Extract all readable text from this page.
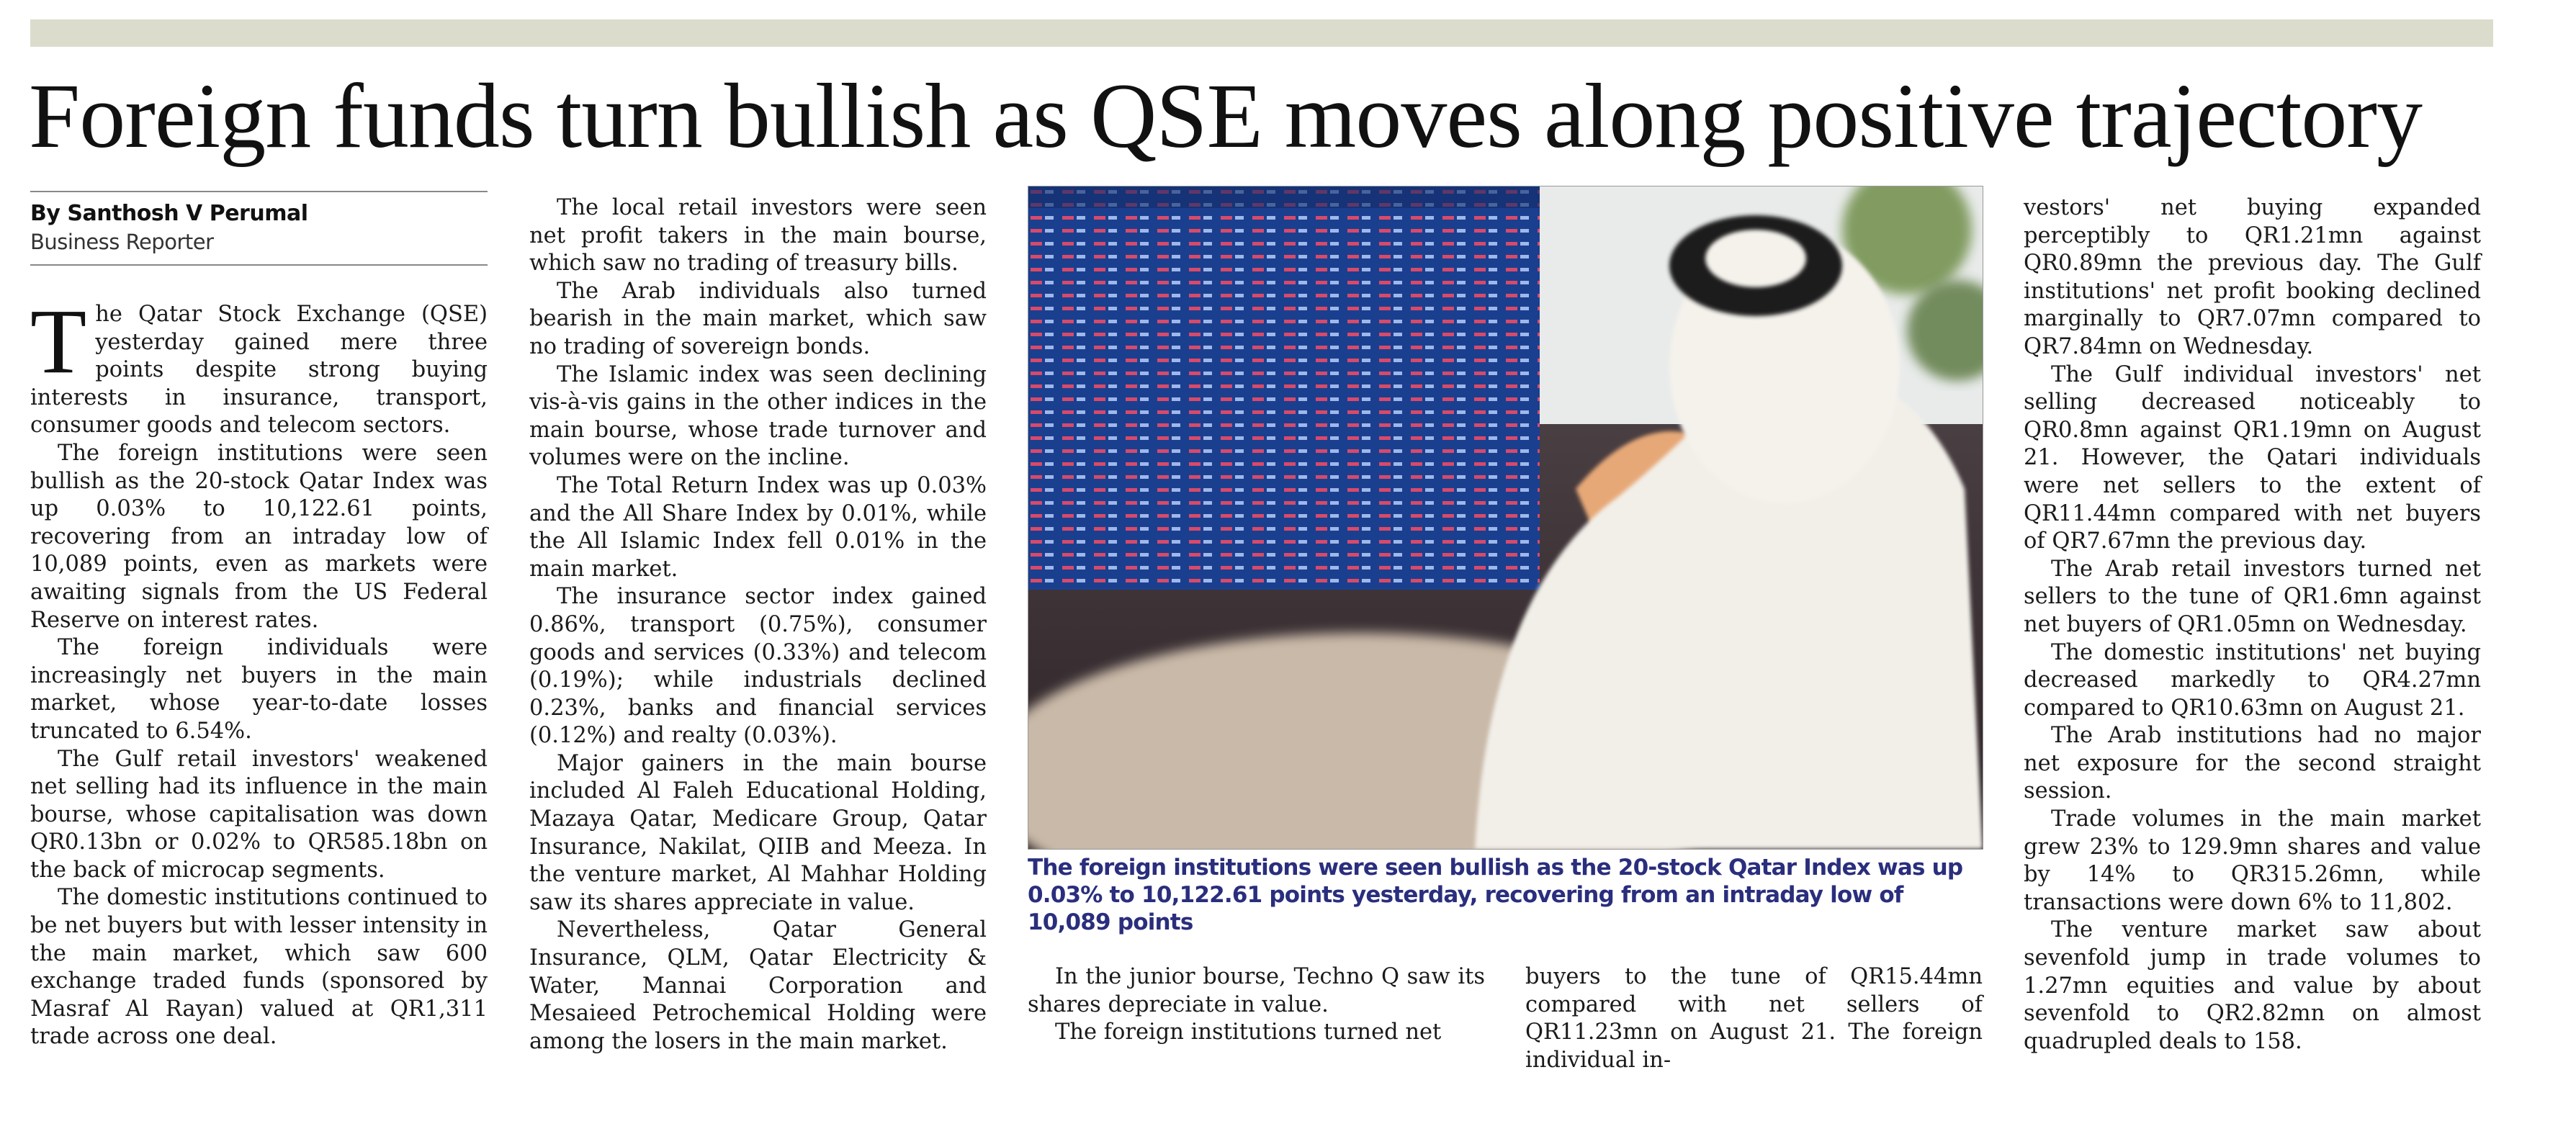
Foreign funds turn bullish as QSE moves along positive trajectory
By Santhosh V Perumal
Business Reporter

The Qatar Stock Exchange (QSE) yesterday gained mere three points despite strong buying interests in insurance, transport, consumer goods and telecom sectors.

The foreign institutions were seen bullish as the 20-stock Qatar Index was up 0.03% to 10,122.61 points, recovering from an intraday low of 10,089 points, even as markets were awaiting signals from the US Federal Reserve on interest rates.

The foreign individuals were increasingly net buyers in the main market, whose year-to-date losses truncated to 6.54%.

The Gulf retail investors' weakened net selling had its influence in the main bourse, whose capitalisation was down QR0.13bn or 0.02% to QR585.18bn on the back of microcap segments.

The domestic institutions continued to be net buyers but with lesser intensity in the main market, which saw 600 exchange traded funds (sponsored by Masraf Al Rayan) valued at QR1,311 trade across one deal.

The local retail investors were seen net profit takers in the main bourse, which saw no trading of treasury bills.

The Arab individuals also turned bearish in the main market, which saw no trading of sovereign bonds.

The Islamic index was seen declining vis-à-vis gains in the other indices in the main bourse, whose trade turnover and volumes were on the incline.

The Total Return Index was up 0.03% and the All Share Index by 0.01%, while the All Islamic Index fell 0.01% in the main market.

The insurance sector index gained 0.86%, transport (0.75%), consumer goods and services (0.33%) and telecom (0.19%); while industrials declined 0.23%, banks and financial services (0.12%) and realty (0.03%).

Major gainers in the main bourse included Al Faleh Educational Holding, Mazaya Qatar, Medicare Group, Qatar Insurance, Nakilat, QIIB and Meeza. In the venture market, Al Mahhar Holding saw its shares appreciate in value.

Nevertheless, Qatar General Insurance, QLM, Qatar Electricity & Water, Mannai Corporation and Mesaieed Petrochemical Holding were among the losers in the main market.

The foreign institutions were seen bullish as the 20-stock Qatar Index was up 0.03% to 10,122.61 points yesterday, recovering from an intraday low of 10,089 points

In the junior bourse, Techno Q saw its shares depreciate in value.

The foreign institutions turned net

buyers to the tune of QR15.44mn compared with net sellers of QR11.23mn on August 21. The foreign individual in-

vestors' net buying expanded perceptibly to QR1.21mn against QR0.89mn the previous day. The Gulf institutions' net profit booking declined marginally to QR7.07mn compared to QR7.84mn on Wednesday.

The Gulf individual investors' net selling decreased noticeably to QR0.8mn against QR1.19mn on August 21. However, the Qatari individuals were net sellers to the extent of QR11.44mn compared with net buyers of QR7.67mn the previous day.

The Arab retail investors turned net sellers to the tune of QR1.6mn against net buyers of QR1.05mn on Wednesday.

The domestic institutions' net buying decreased markedly to QR4.27mn compared to QR10.63mn on August 21.

The Arab institutions had no major net exposure for the second straight session.

Trade volumes in the main market grew 23% to 129.9mn shares and value by 14% to QR315.26mn, while transactions were down 6% to 11,802.

The venture market saw about sevenfold jump in trade volumes to 1.27mn equities and value by about sevenfold to QR2.82mn on almost quadrupled deals to 158.
